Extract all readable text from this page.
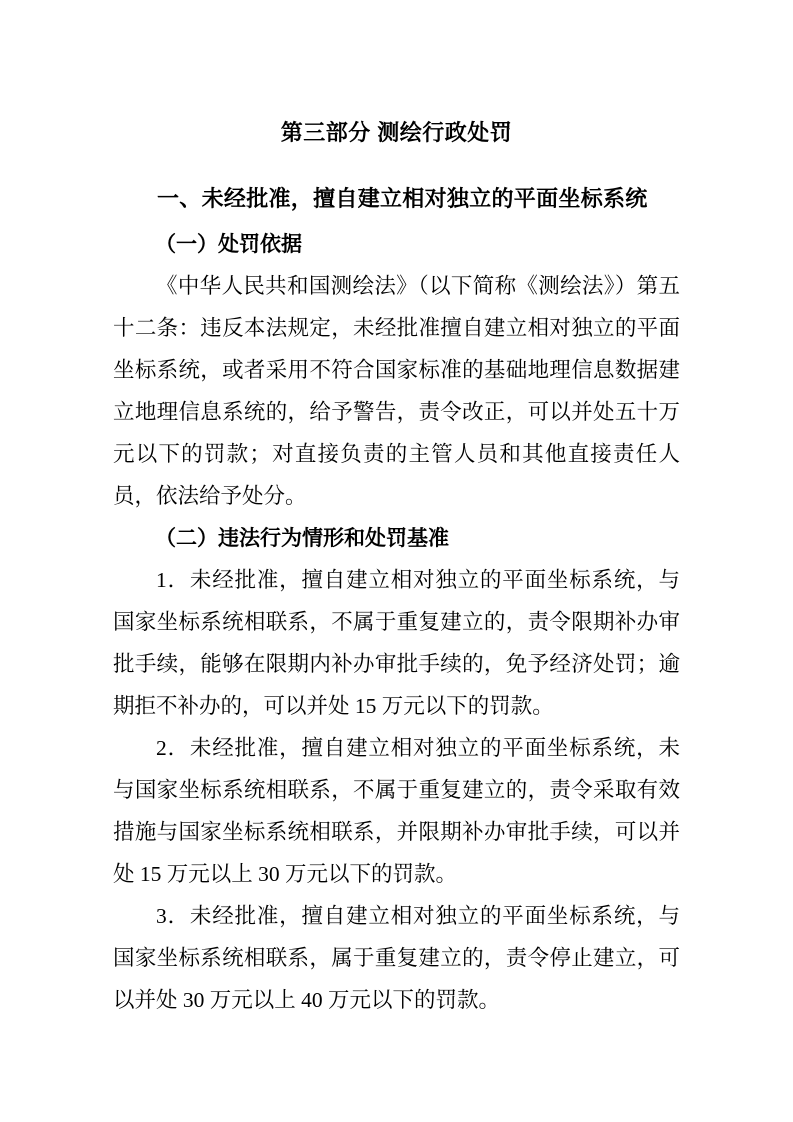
第三部分 测绘行政处罚
一、未经批准，擅自建立相对独立的平面坐标系统
（一）处罚依据

《中华人民共和国测绘法》（以下简称《测绘法》）第五十二条：违反本法规定，未经批准擅自建立相对独立的平面坐标系统，或者采用不符合国家标准的基础地理信息数据建立地理信息系统的，给予警告，责令改正，可以并处五十万元以下的罚款；对直接负责的主管人员和其他直接责任人员，依法给予处分。

（二）违法行为情形和处罚基准

1．未经批准，擅自建立相对独立的平面坐标系统，与国家坐标系统相联系，不属于重复建立的，责令限期补办审批手续，能够在限期内补办审批手续的，免予经济处罚；逾期拒不补办的，可以并处 15 万元以下的罚款。

2．未经批准，擅自建立相对独立的平面坐标系统，未与国家坐标系统相联系，不属于重复建立的，责令采取有效措施与国家坐标系统相联系，并限期补办审批手续，可以并处 15 万元以上 30 万元以下的罚款。

3．未经批准，擅自建立相对独立的平面坐标系统，与国家坐标系统相联系，属于重复建立的，责令停止建立，可以并处 30 万元以上 40 万元以下的罚款。
